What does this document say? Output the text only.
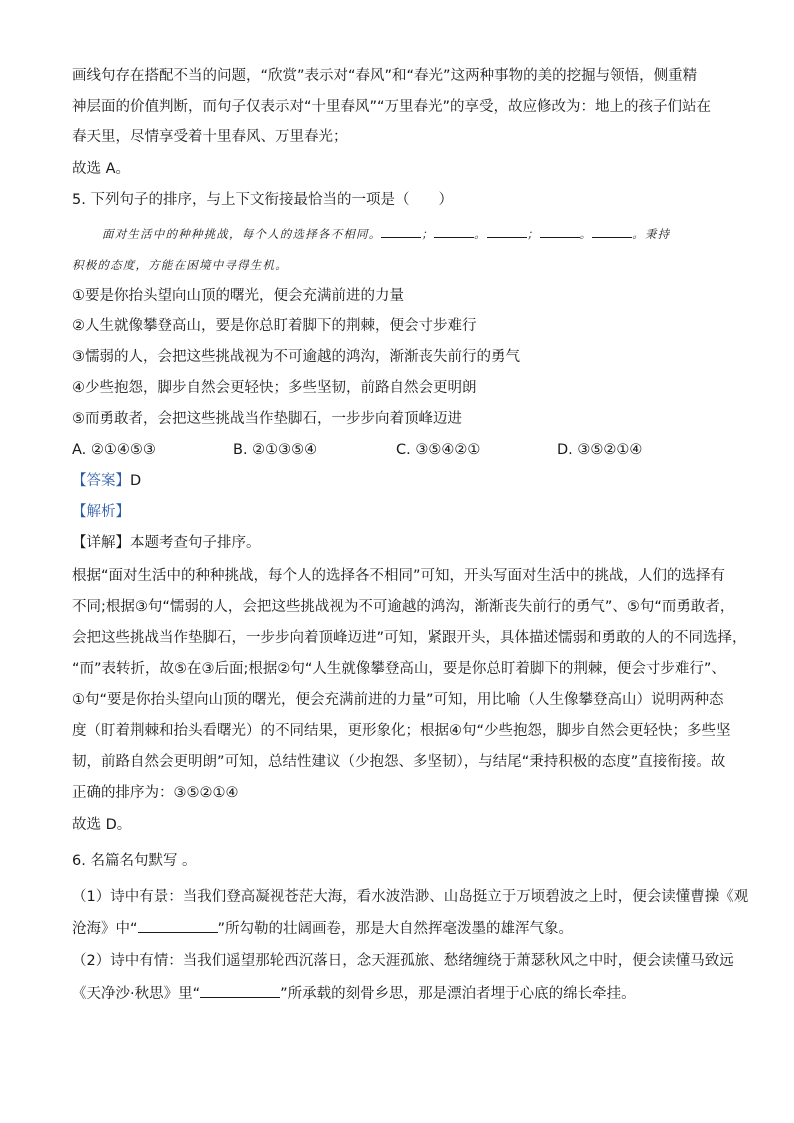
画线句存在搭配不当的问题，“欣赏”表示对“春风”和“春光”这两种事物的美的挖掘与领悟，侧重精
神层面的价值判断，而句子仅表示对“十里春风”“万里春光”的享受，故应修改为：地上的孩子们站在
春天里，尽情享受着十里春风、万里春光；
故选 A。
5. 下列句子的排序，与上下文衔接最恰当的一项是（　　）
面对生活中的种种挑战，每个人的选择各不相同。	；	。	；	。	。秉持
积极的态度，方能在困境中寻得生机。
①要是你抬头望向山顶的曙光，便会充满前进的力量
②人生就像攀登高山，要是你总盯着脚下的荆棘，便会寸步难行
③懦弱的人，会把这些挑战视为不可逾越的鸿沟，渐渐丧失前行的勇气
④少些抱怨，脚步自然会更轻快；多些坚韧，前路自然会更明朗
⑤而勇敢者，会把这些挑战当作垫脚石，一步步向着顶峰迈进
A. ②①④⑤③	B. ②①③⑤④	C. ③⑤④②①	D. ③⑤②①④
【答案】D
【解析】
【详解】本题考查句子排序。
根据“面对生活中的种种挑战，每个人的选择各不相同”可知，开头写面对生活中的挑战，人们的选择有
不同;根据③句“懦弱的人，会把这些挑战视为不可逾越的鸿沟，渐渐丧失前行的勇气”、⑤句“而勇敢者，
会把这些挑战当作垫脚石，一步步向着顶峰迈进”可知，紧跟开头，具体描述懦弱和勇敢的人的不同选择，
“而”表转折，故⑤在③后面;根据②句“人生就像攀登高山，要是你总盯着脚下的荆棘，便会寸步难行”、
①句“要是你抬头望向山顶的曙光，便会充满前进的力量”可知，用比喻（人生像攀登高山）说明两种态
度（盯着荆棘和抬头看曙光）的不同结果，更形象化；根据④句“少些抱怨，脚步自然会更轻快；多些坚
韧，前路自然会更明朗”可知，总结性建议（少抱怨、多坚韧），与结尾“秉持积极的态度”直接衔接。故
正确的排序为：③⑤②①④
故选 D。
6. 名篇名句默写 。
（1）诗中有景：当我们登高凝视苍茫大海，看水波浩渺、山岛挺立于万顷碧波之上时，便会读懂曹操《观
沧海》中“	”所勾勒的壮阔画卷，那是大自然挥毫泼墨的雄浑气象。
（2）诗中有情：当我们遥望那轮西沉落日，念天涯孤旅、愁绪缠绕于萧瑟秋风之中时，便会读懂马致远
《天净沙·秋思》里“	”所承载的刻骨乡思，那是漂泊者埋于心底的绵长牵挂。
